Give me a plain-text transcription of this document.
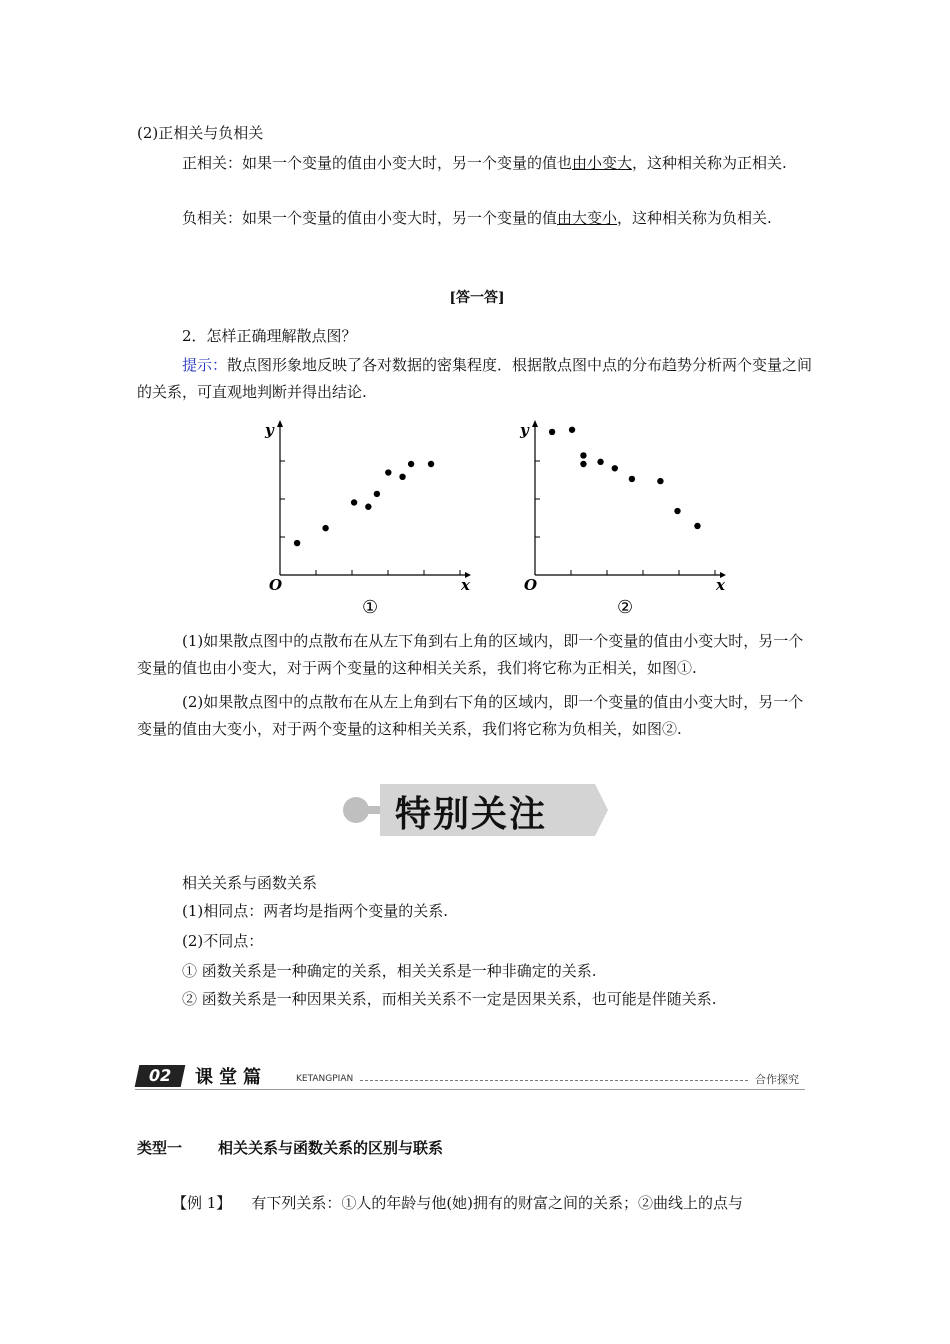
(2)正相关与负相关

正相关：如果一个变量的值由小变大时，另一个变量的值也由小变大，这种相关称为正相关.

负相关：如果一个变量的值由小变大时，另一个变量的值由大变小，这种相关称为负相关.

[答一答]

2．怎样正确理解散点图？

提示：散点图形象地反映了各对数据的密集程度．根据散点图中点的分布趋势分析两个变量之间的关系，可直观地判断并得出结论.

y
x
O
①
y
x
O
②

(1)如果散点图中的点散布在从左下角到右上角的区域内，即一个变量的值由小变大时，另一个变量的值也由小变大，对于两个变量的这种相关关系，我们将它称为正相关，如图①.

(2)如果散点图中的点散布在从左上角到右下角的区域内，即一个变量的值由小变大时，另一个变量的值由大变小，对于两个变量的这种相关关系，我们将它称为负相关，如图②.

特别关注

相关关系与函数关系

(1)相同点：两者均是指两个变量的关系.

(2)不同点：

① 函数关系是一种确定的关系，相关关系是一种非确定的关系.

② 函数关系是一种因果关系，而相关关系不一定是因果关系，也可能是伴随关系.

02	课堂篇	KETANGPIAN	合作探究

类型一 相关关系与函数关系的区别与联系

【例 1】 有下列关系：①人的年龄与他(她)拥有的财富之间的关系；②曲线上的点与
